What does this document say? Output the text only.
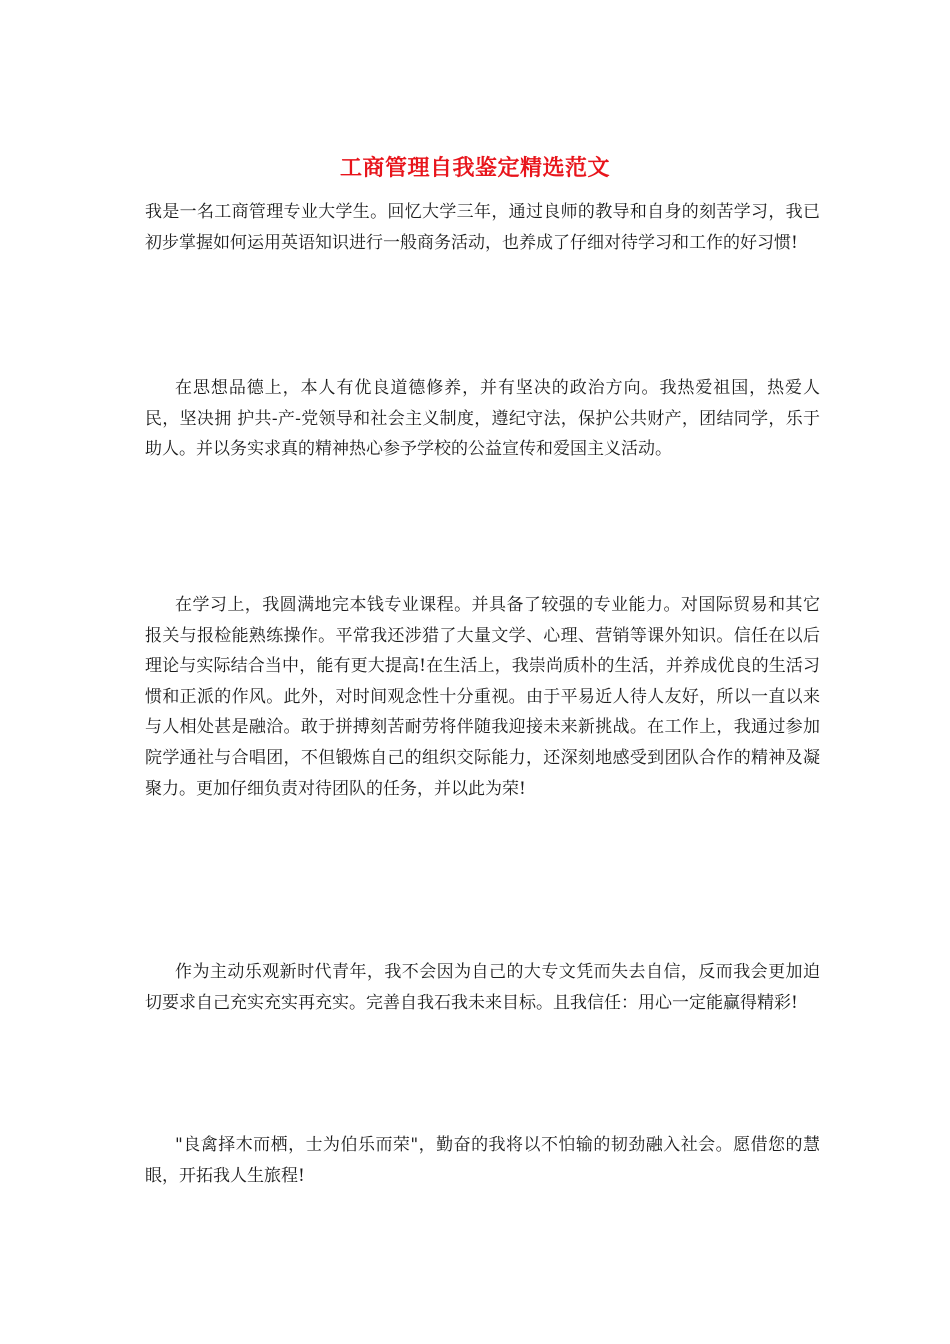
工商管理自我鉴定精选范文

我是一名工商管理专业大学生。回忆大学三年，通过良师的教导和自身的刻苦学习，我已初步掌握如何运用英语知识进行一般商务活动，也养成了仔细对待学习和工作的好习惯!

在思想品德上，本人有优良道德修养，并有坚决的政治方向。我热爱祖国，热爱人民，坚决拥 护共-产-党领导和社会主义制度，遵纪守法，保护公共财产，团结同学，乐于助人。并以务实求真的精神热心参予学校的公益宣传和爱国主义活动。

在学习上，我圆满地完本钱专业课程。并具备了较强的专业能力。对国际贸易和其它报关与报检能熟练操作。平常我还涉猎了大量文学、心理、营销等课外知识。信任在以后理论与实际结合当中，能有更大提高!在生活上，我崇尚质朴的生活，并养成优良的生活习惯和正派的作风。此外，对时间观念性十分重视。由于平易近人待人友好，所以一直以来与人相处甚是融洽。敢于拼搏刻苦耐劳将伴随我迎接未来新挑战。在工作上，我通过参加院学通社与合唱团，不但锻炼自己的组织交际能力，还深刻地感受到团队合作的精神及凝聚力。更加仔细负责对待团队的任务，并以此为荣!

作为主动乐观新时代青年，我不会因为自己的大专文凭而失去自信，反而我会更加迫切要求自己充实充实再充实。完善自我石我未来目标。且我信任：用心一定能赢得精彩!

"良禽择木而栖，士为伯乐而荣"，勤奋的我将以不怕输的韧劲融入社会。愿借您的慧眼，开拓我人生旅程!
